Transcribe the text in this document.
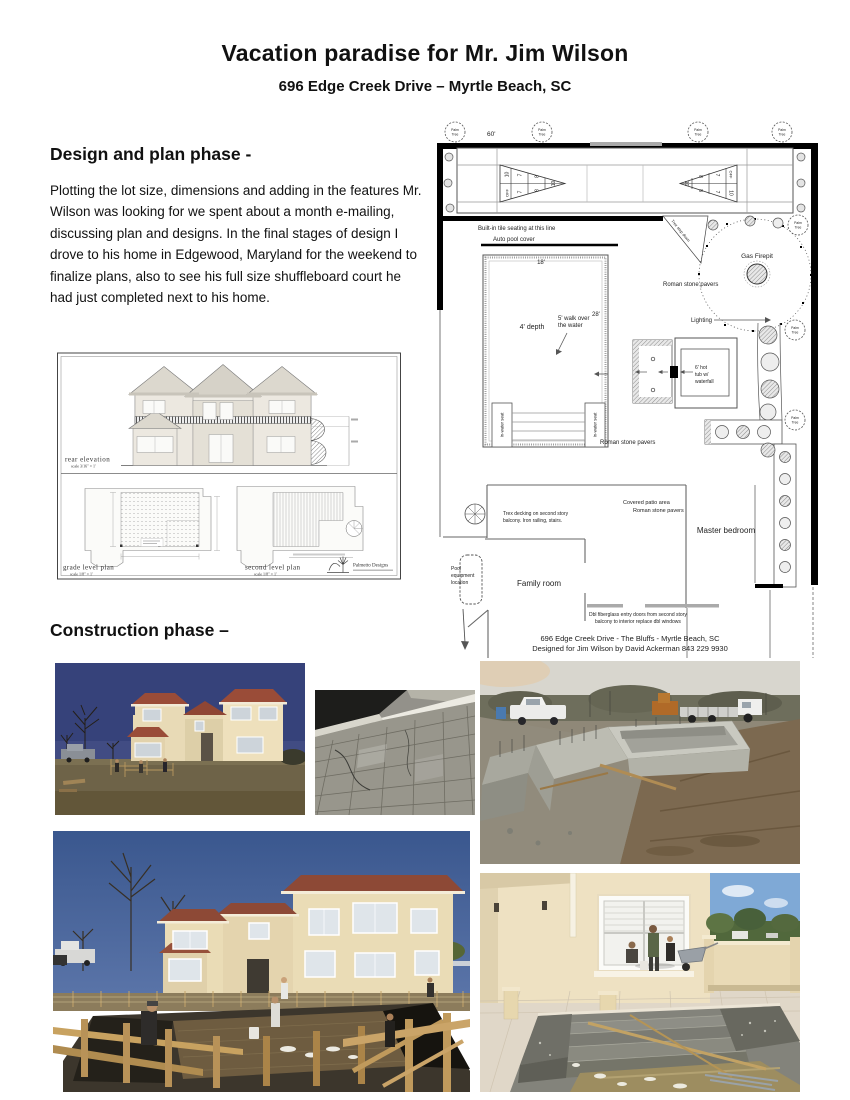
Vacation paradise for Mr. Jim Wilson
696 Edge Creek Drive – Myrtle Beach, SC
Design and plan phase -
Plotting the lot size, dimensions and adding in the features Mr. Wilson was looking for we spent about a month e-mailing, discussing plan and designs. In the final stages of design I drove to his home in Edgewood, Maryland for the weekend to finalize plans, also to see his full size shuffleboard court he had just completed next to his home.
Construction phase –
rear elevation
scale 3/16" = 1'
grade level plan
scale 1/8" = 1'
second level plan
scale 1/8" = 1'
Palmetto Designs
Palm
Tree
Palm
Tree
Palm
Tree
Palm
Tree
Palm
Tree
Palm
Tree
Palm
Tree
60'
10
OFF
7
7
8
8
10
OFF
10
7
7
8
8
10
Built-in tile seating at this line	Trex step down
Gas Firepit
Roman stone pavers
Lighting
Auto pool cover
18'
4' depth
28'
In-water seat	In-water seat
5' walk over
the water
6' hot
tub w/
waterfall
Roman stone pavers
Pool
equipment
location
Trex decking on second story
balcony. Iron railing, stairs.
Covered patio area
Roman stone pavers
Master bedroom
Family room
Dbl fiberglass entry doors from second story
balcony to interior replace dbl windows
696 Edge Creek Drive - The Bluffs - Myrtle Beach, SC
Designed for Jim Wilson by David Ackerman 843 229 9930
